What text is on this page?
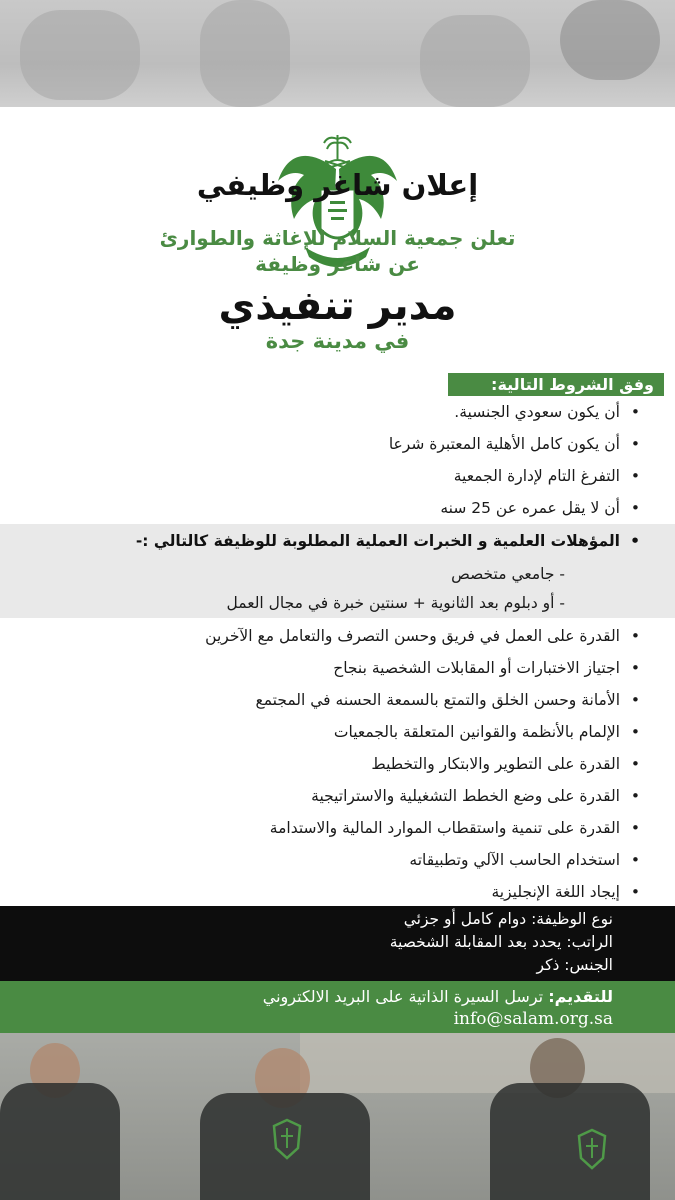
إعلان شاغر وظيفي
تعلن جمعية السلام للإغاثة والطوارئ
عن شاغر وظيفة
مدير تنفيذي
في مدينة جدة
وفق الشروط التالية:
•
أن يكون سعودي الجنسية.
•
أن يكون كامل الأهلية المعتبرة شرعا
•
التفرغ التام لإدارة الجمعية
•
أن لا يقل عمره عن 25 سنه
•
المؤهلات العلمية و الخبرات العملية المطلوبة للوظيفة كالتالي :-
- جامعي متخصص
- أو دبلوم بعد الثانوية + سنتين خبرة في مجال العمل
•
القدرة على العمل في فريق وحسن التصرف والتعامل مع الآخرين
•
اجتياز الاختبارات أو المقابلات الشخصية بنجاح
•
الأمانة وحسن الخلق والتمتع بالسمعة الحسنه في المجتمع
•
الإلمام بالأنظمة والقوانين المتعلقة بالجمعيات
•
القدرة على التطوير والابتكار والتخطيط
•
القدرة على وضع الخطط التشغيلية والاستراتيجية
•
القدرة على تنمية واستقطاب الموارد المالية والاستدامة
•
استخدام الحاسب الآلي وتطبيقاته
•
إيجاد اللغة الإنجليزية
نوع الوظيفة: دوام كامل أو جزئي
الراتب: يحدد بعد المقابلة الشخصية
الجنس: ذكر
للتقديم: ترسل السيرة الذاتية على البريد الالكتروني
info@salam.org.sa
